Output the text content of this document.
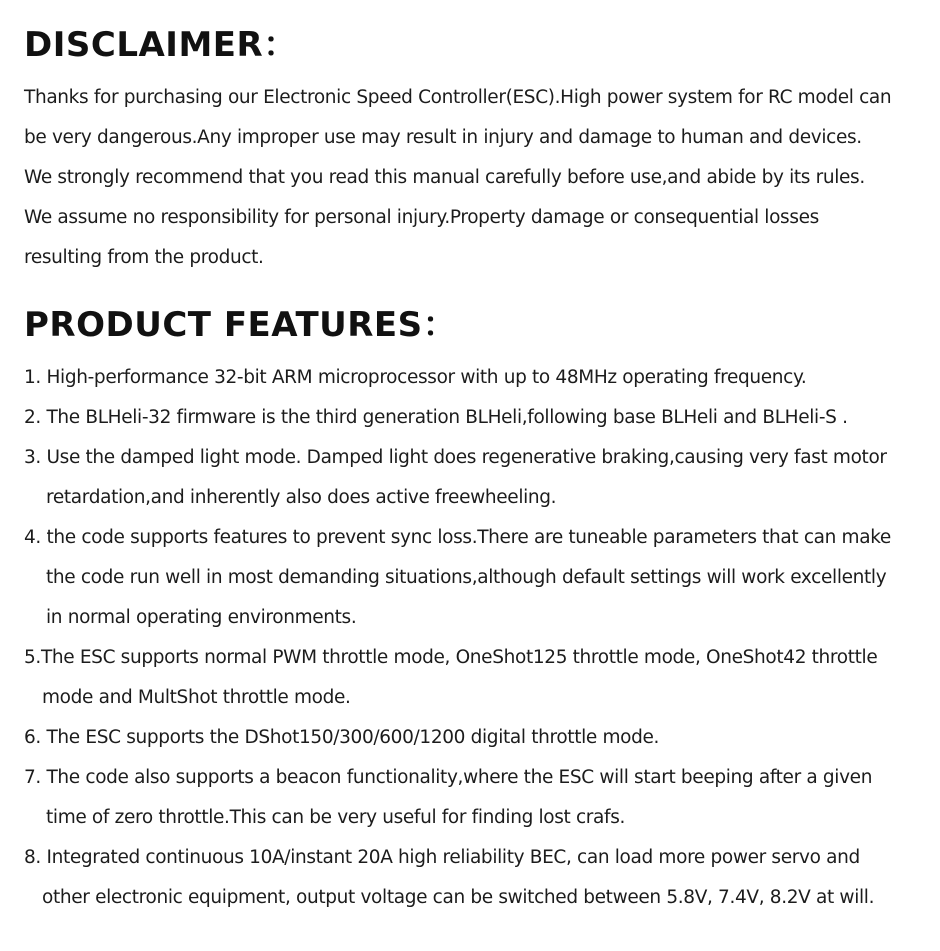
DISCLAIMER：
Thanks for purchasing our Electronic Speed Controller(ESC).High power system for RC model can
be very dangerous.Any improper use may result in injury and damage to human and devices.
We strongly recommend that you read this manual carefully before use,and abide by its rules.
We assume no responsibility for personal injury.Property damage or consequential losses
resulting from the product.
PRODUCT FEATURES：
1. High-performance 32-bit ARM microprocessor with up to 48MHz operating frequency.
2. The BLHeli-32 firmware is the third generation BLHeli,following base BLHeli and BLHeli-S .
3. Use the damped light mode. Damped light does regenerative braking,causing very fast motor
retardation,and inherently also does active freewheeling.
4. the code supports features to prevent sync loss.There are tuneable parameters that can make
the code run well in most demanding situations,although default settings will work excellently
in normal operating environments.
5.The ESC supports normal PWM throttle mode, OneShot125 throttle mode, OneShot42 throttle
mode and MultShot throttle mode.
6. The ESC supports the DShot150/300/600/1200 digital throttle mode.
7. The code also supports a beacon functionality,where the ESC will start beeping after a given
time of zero throttle.This can be very useful for finding lost crafs.
8. Integrated continuous 10A/instant 20A high reliability BEC, can load more power servo and
other electronic equipment, output voltage can be switched between 5.8V, 7.4V, 8.2V at will.
